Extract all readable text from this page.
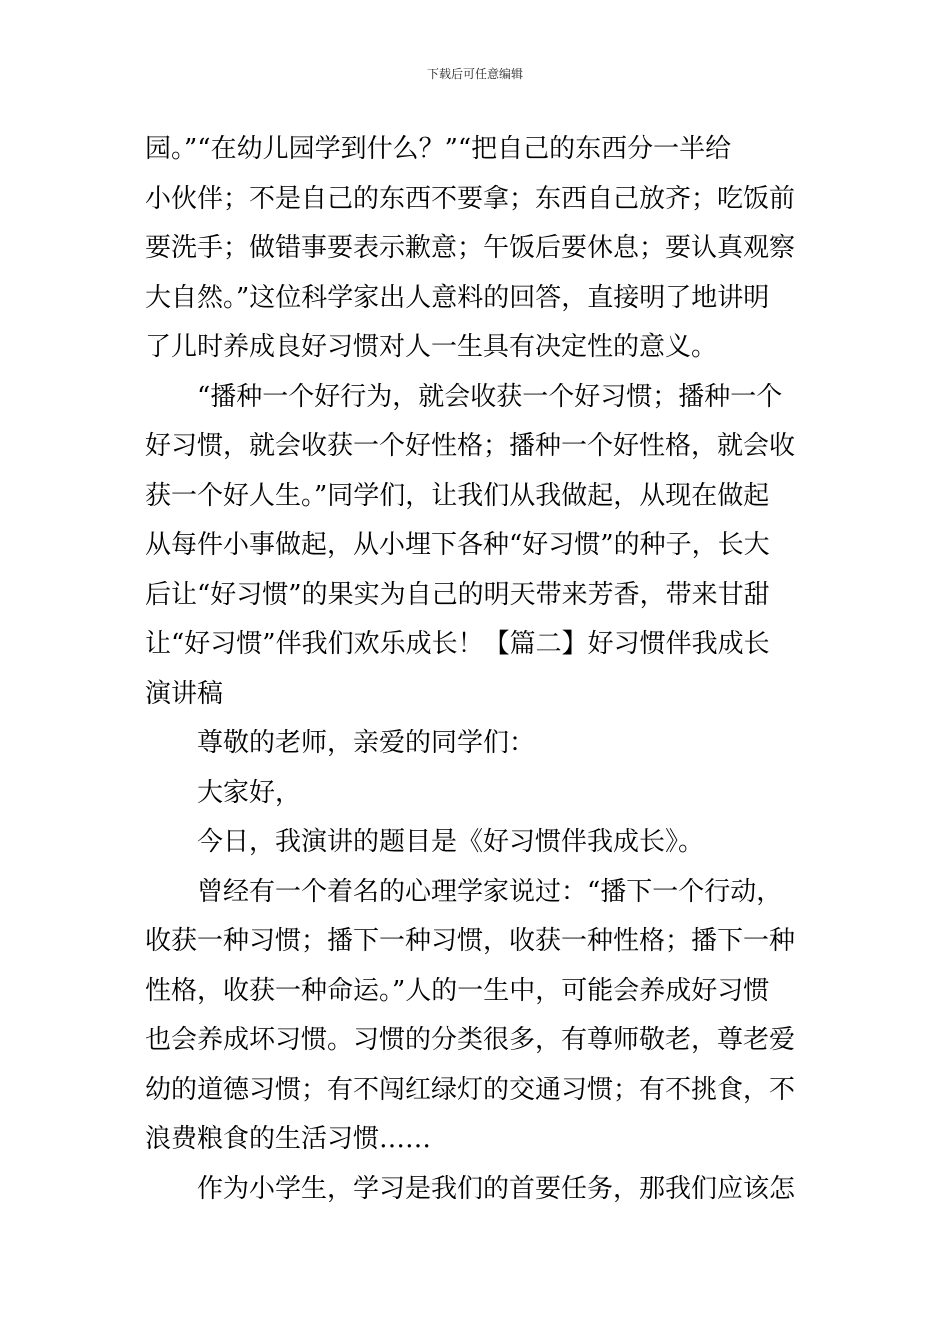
下载后可任意编辑
园。”“在幼儿园学到什么？”“把自己的东西分一半给
小伙伴；不是自己的东西不要拿；东西自己放齐；吃饭前
要洗手；做错事要表示歉意；午饭后要休息；要认真观察
大自然。”这位科学家出人意料的回答，直接明了地讲明
了儿时养成良好习惯对人一生具有决定性的意义。
“播种一个好行为，就会收获一个好习惯；播种一个
好习惯，就会收获一个好性格；播种一个好性格，就会收
获一个好人生。”同学们，让我们从我做起，从现在做起
从每件小事做起，从小埋下各种“好习惯”的种子，长大
后让“好习惯”的果实为自己的明天带来芳香，带来甘甜
让“好习惯”伴我们欢乐成长！【篇二】好习惯伴我成长
演讲稿
尊敬的老师，亲爱的同学们：
大家好，
今日，我演讲的题目是《好习惯伴我成长》。
曾经有一个着名的心理学家说过：“播下一个行动，
收获一种习惯；播下一种习惯，收获一种性格；播下一种
性格，收获一种命运。”人的一生中，可能会养成好习惯
也会养成坏习惯。习惯的分类很多，有尊师敬老，尊老爱
幼的道德习惯；有不闯红绿灯的交通习惯；有不挑食，不
浪费粮食的生活习惯……
作为小学生，学习是我们的首要任务，那我们应该怎
